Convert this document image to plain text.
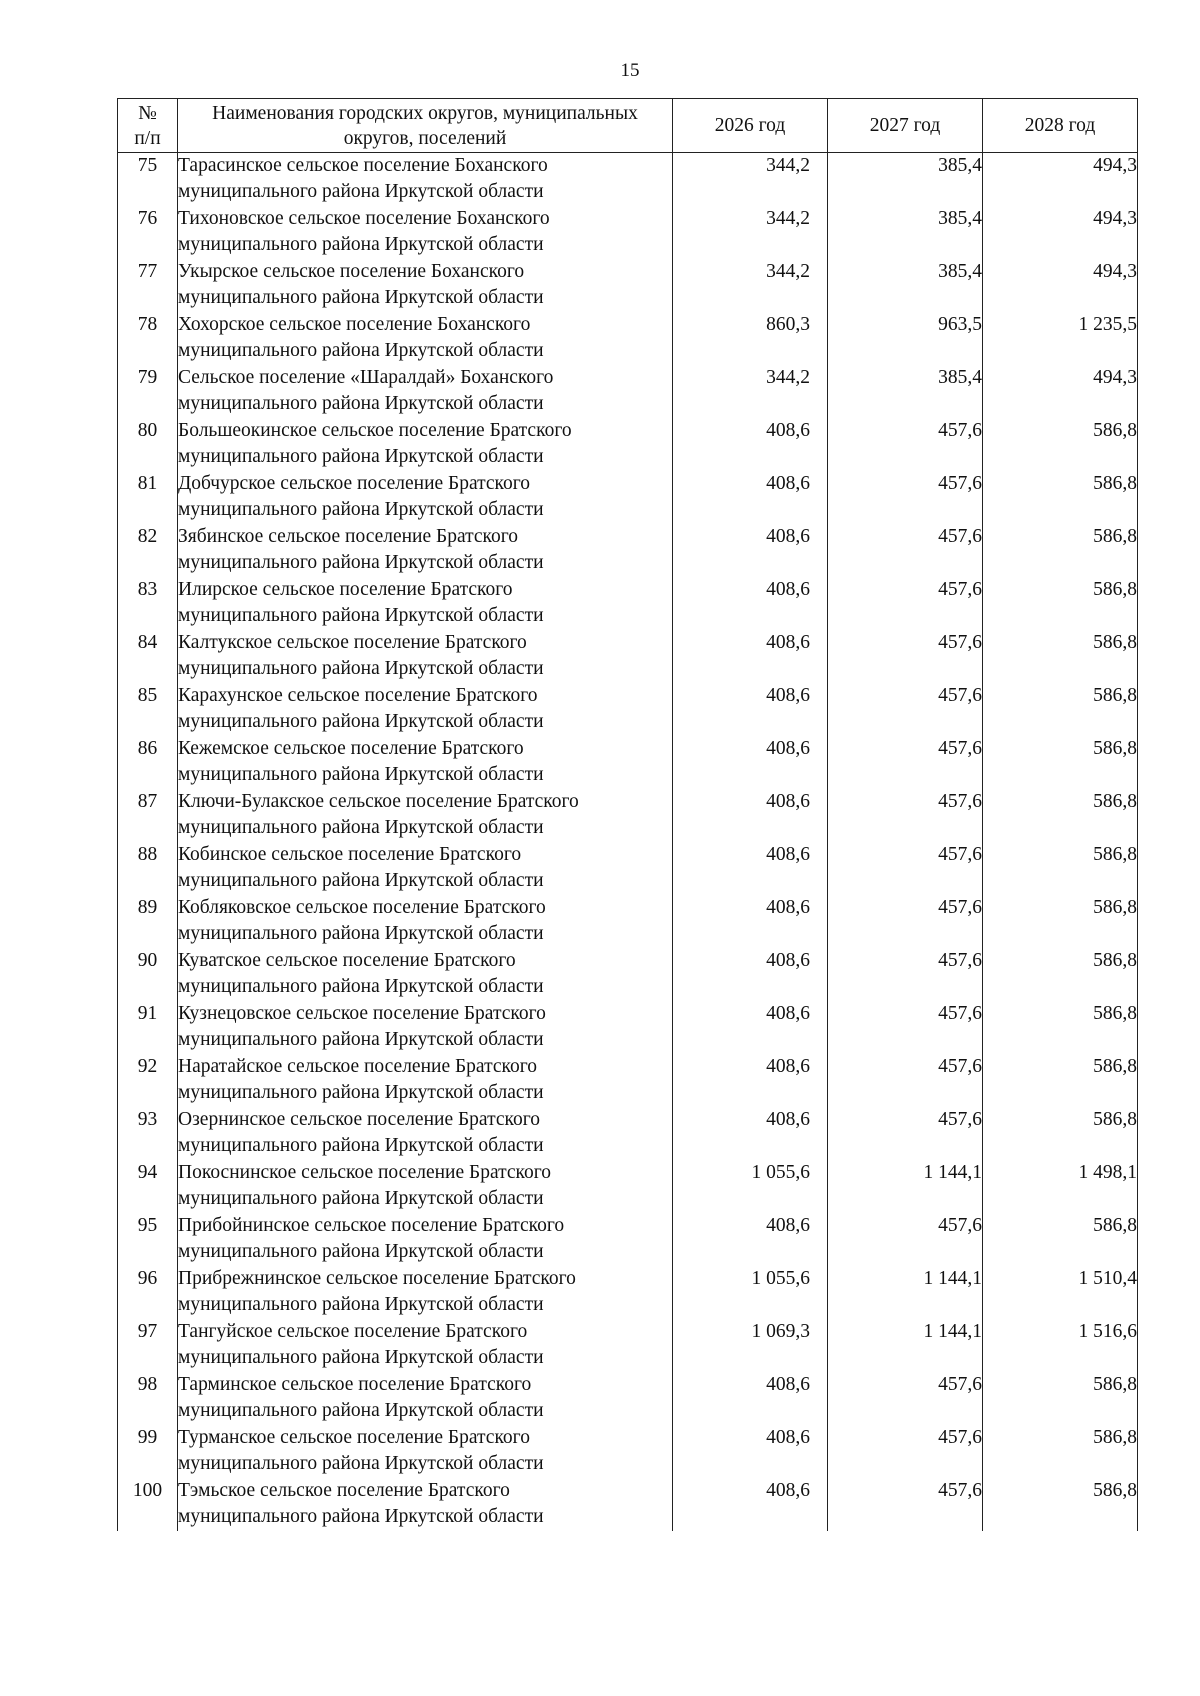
15
№
п/п	Наименования городских округов, муниципальных
округов, поселений	2026 год	2027 год	2028 год
75	Тарасинское сельское поселение Боханского
муниципального района Иркутской области	344,2	385,4	494,3
76	Тихоновское сельское поселение Боханского
муниципального района Иркутской области	344,2	385,4	494,3
77	Укырское сельское поселение Боханского
муниципального района Иркутской области	344,2	385,4	494,3
78	Хохорское сельское поселение Боханского
муниципального района Иркутской области	860,3	963,5	1 235,5
79	Сельское поселение «Шаралдай» Боханского
муниципального района Иркутской области	344,2	385,4	494,3
80	Большеокинское сельское поселение Братского
муниципального района Иркутской области	408,6	457,6	586,8
81	Добчурское сельское поселение Братского
муниципального района Иркутской области	408,6	457,6	586,8
82	Зябинское сельское поселение Братского
муниципального района Иркутской области	408,6	457,6	586,8
83	Илирское сельское поселение Братского
муниципального района Иркутской области	408,6	457,6	586,8
84	Калтукское сельское поселение Братского
муниципального района Иркутской области	408,6	457,6	586,8
85	Карахунское сельское поселение Братского
муниципального района Иркутской области	408,6	457,6	586,8
86	Кежемское сельское поселение Братского
муниципального района Иркутской области	408,6	457,6	586,8
87	Ключи-Булакское сельское поселение Братского
муниципального района Иркутской области	408,6	457,6	586,8
88	Кобинское сельское поселение Братского
муниципального района Иркутской области	408,6	457,6	586,8
89	Кобляковское сельское поселение Братского
муниципального района Иркутской области	408,6	457,6	586,8
90	Куватское сельское поселение Братского
муниципального района Иркутской области	408,6	457,6	586,8
91	Кузнецовское сельское поселение Братского
муниципального района Иркутской области	408,6	457,6	586,8
92	Наратайское сельское поселение Братского
муниципального района Иркутской области	408,6	457,6	586,8
93	Озернинское сельское поселение Братского
муниципального района Иркутской области	408,6	457,6	586,8
94	Покоснинское сельское поселение Братского
муниципального района Иркутской области	1 055,6	1 144,1	1 498,1
95	Прибойнинское сельское поселение Братского
муниципального района Иркутской области	408,6	457,6	586,8
96	Прибрежнинское сельское поселение Братского
муниципального района Иркутской области	1 055,6	1 144,1	1 510,4
97	Тангуйское сельское поселение Братского
муниципального района Иркутской области	1 069,3	1 144,1	1 516,6
98	Тарминское сельское поселение Братского
муниципального района Иркутской области	408,6	457,6	586,8
99	Турманское сельское поселение Братского
муниципального района Иркутской области	408,6	457,6	586,8
100	Тэмьское сельское поселение Братского
муниципального района Иркутской области	408,6	457,6	586,8
